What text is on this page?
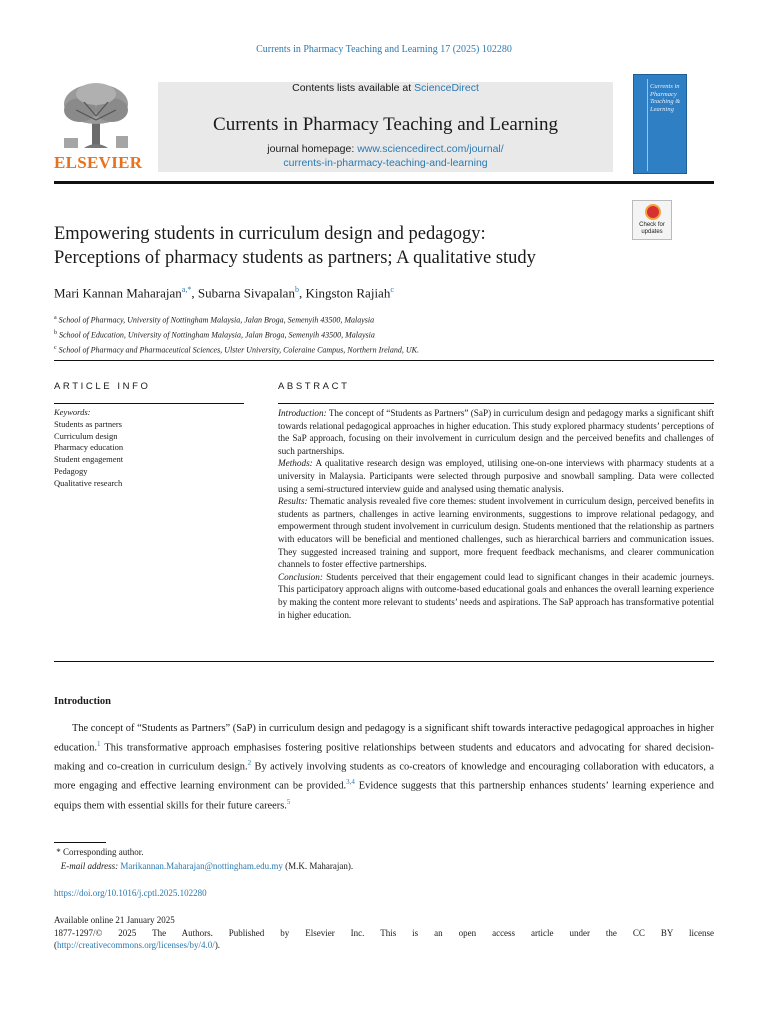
Currents in Pharmacy Teaching and Learning 17 (2025) 102280
ELSEVIER
Contents lists available at ScienceDirect
Currents in Pharmacy Teaching and Learning
journal homepage: www.sciencedirect.com/journal/
currents-in-pharmacy-teaching-and-learning
Currents in Pharmacy Teaching & Learning
Check for updates
Empowering students in curriculum design and pedagogy:
Perceptions of pharmacy students as partners; A qualitative study
Mari Kannan Maharajan$^{a,*}$, Subarna Sivapalan$^b$, Kingston Rajiah$^c$
$^a$ School of Pharmacy, University of Nottingham Malaysia, Jalan Broga, Semenyih 43500, Malaysia
$^b$ School of Education, University of Nottingham Malaysia, Jalan Broga, Semenyih 43500, Malaysia
$^c$ School of Pharmacy and Pharmaceutical Sciences, Ulster University, Coleraine Campus, Northern Ireland, UK.
ARTICLE INFO	ABSTRACT
Keywords:
Students as partners
Curriculum design
Pharmacy education
Student engagement
Pedagogy
Qualitative research

Introduction: The concept of “Students as Partners” (SaP) in curriculum design and pedagogy marks a significant shift towards relational pedagogical approaches in higher education. This study explored pharmacy students’ perceptions of the SaP approach, focusing on their involvement in curriculum design and the perceived benefits and challenges of such partnerships.

Methods: A qualitative research design was employed, utilising one-on-one interviews with pharmacy students at a university in Malaysia. Participants were selected through purposive and snowball sampling. Data were collected using a semi-structured interview guide and analysed using thematic analysis.

Results: Thematic analysis revealed five core themes: student involvement in curriculum design, perceived benefits in students as partners, challenges in active learning environments, suggestions to improve relational pedagogy, and empowerment through student involvement in curriculum design. Students mentioned that the relationship as partners with educators will be beneficial and mentioned challenges, such as hierarchical barriers and communication issues. They suggested increased training and support, more frequent feedback mechanisms, and clearer communication channels to foster effective partnerships.

Conclusion: Students perceived that their engagement could lead to significant changes in their academic journeys. This participatory approach aligns with outcome-based educational goals and enhances the overall learning experience by making the content more relevant to students’ needs and aspirations. The SaP approach has transformative potential in higher education.

Introduction

The concept of “Students as Partners” (SaP) in curriculum design and pedagogy is a significant shift towards interactive pedagogical approaches in higher education.$^1$ This transformative approach emphasises fostering positive relationships between students and educators and advocating for shared decision-making and co-creation in curriculum design.$^2$ By actively involving students as co-creators of knowledge and encouraging collaboration with educators, a more engaging and effective learning environment can be provided.$^{3,4}$ Evidence suggests that this partnership enhances students’ learning experience and equips them with essential skills for their future careers.$^5$

* Corresponding author.
E-mail address: Marikannan.Maharajan@nottingham.edu.my (M.K. Maharajan).
https://doi.org/10.1016/j.cptl.2025.102280
Available online 21 January 2025
1877-1297/© 2025 The Authors. Published by Elsevier Inc. This is an open access article under the CC BY license
(http://creativecommons.org/licenses/by/4.0/).
